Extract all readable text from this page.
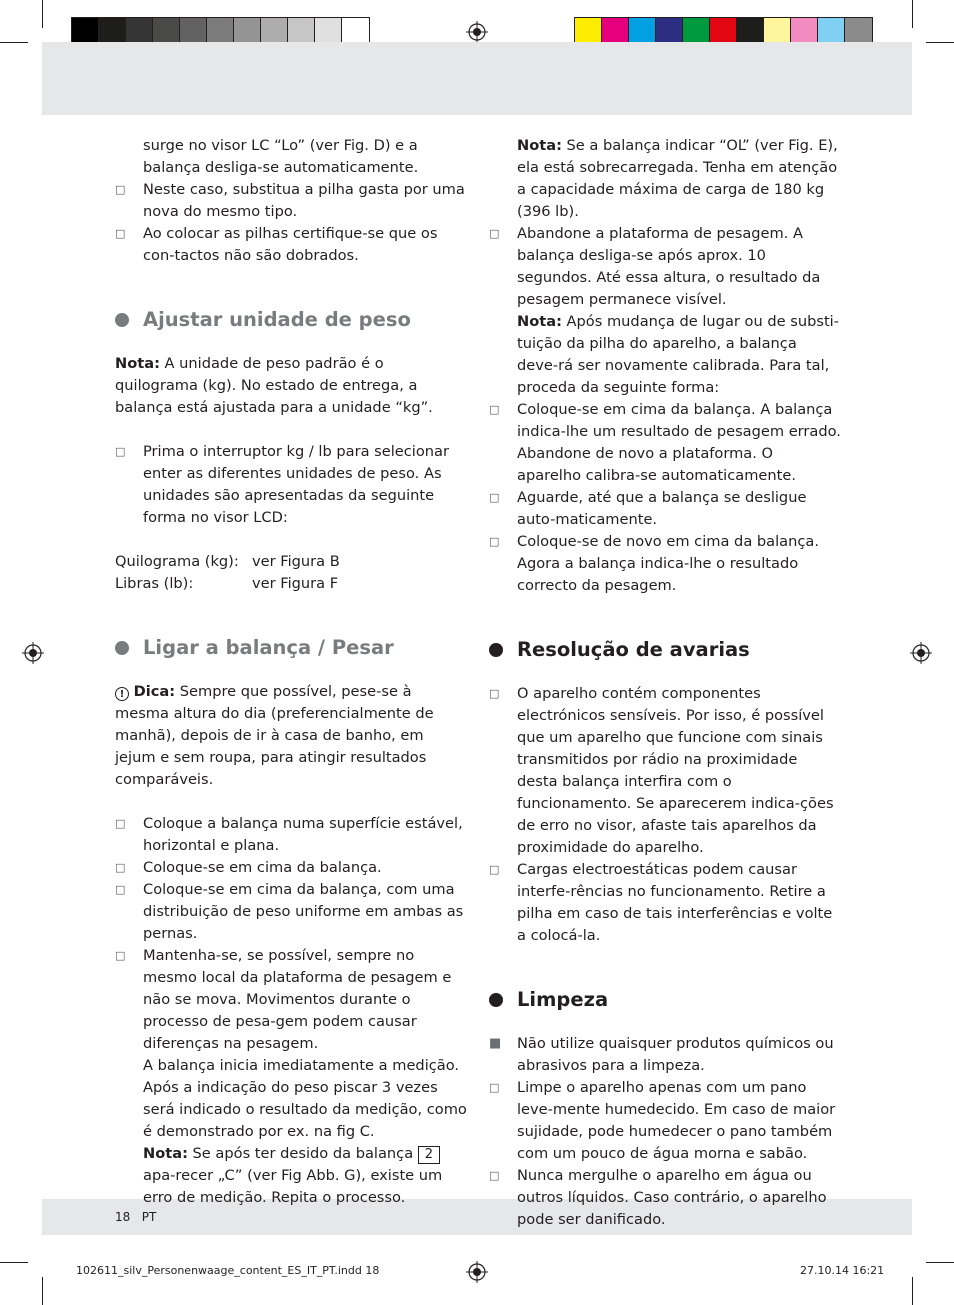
surge no visor LC “Lo” (ver Fig. D) e a balança desliga-se automaticamente.

□	Neste caso, substitua a pilha gasta por uma nova do mesmo tipo.
□	Ao colocar as pilhas certifique-se que os con-tactos não são dobrados.
Ajustar unidade de peso

Nota: A unidade de peso padrão é o quilograma (kg). No estado de entrega, a balança está ajustada para a unidade “kg”.

□	Prima o interruptor kg / lb para selecionar enter as diferentes unidades de peso. As unidades são apresentadas da seguinte forma no visor LCD:
Quilograma (kg): ver Figura B
Libras (lb):	ver Figura F
Ligar a balança / Pesar

! Dica: Sempre que possível, pese-se à mesma altura do dia (preferencialmente de manhã), depois de ir à casa de banho, em jejum e sem roupa, para atingir resultados comparáveis.

□	Coloque a balança numa superfície estável, horizontal e plana.
□	Coloque-se em cima da balança.
□	Coloque-se em cima da balança, com uma distribuição de peso uniforme em ambas as pernas.
□	Mantenha-se, se possível, sempre no mesmo local da plataforma de pesagem e não se mova. Movimentos durante o processo de pesa-gem podem causar diferenças na pesagem.

A balança inicia imediatamente a medição. Após a indicação do peso piscar 3 vezes será indicado o resultado da medição, como é demonstrado por ex. na fig C.

Nota: Se após ter desido da balança 2 apa-recer „C” (ver Fig Abb. G), existe um erro de medição. Repita o processo.

Nota: Se a balança indicar “OL” (ver Fig. E), ela está sobrecarregada. Tenha em atenção a capacidade máxima de carga de 180 kg (396 lb).

□	Abandone a plataforma de pesagem. A balança desliga-se após aprox. 10 segundos. Até essa altura, o resultado da pesagem permanece visível.

Nota: Após mudança de lugar ou de substi-tuição da pilha do aparelho, a balança deve-rá ser novamente calibrada. Para tal, proceda da seguinte forma:

□	Coloque-se em cima da balança. A balança indica-lhe um resultado de pesagem errado. Abandone de novo a plataforma. O aparelho calibra-se automaticamente.
□	Aguarde, até que a balança se desligue auto-maticamente.
□	Coloque-se de novo em cima da balança. Agora a balança indica-lhe o resultado correcto da pesagem.
Resolução de avarias
□	O aparelho contém componentes electrónicos sensíveis. Por isso, é possível que um aparelho que funcione com sinais transmitidos por rádio na proximidade desta balança interfira com o funcionamento. Se aparecerem indica-ções de erro no visor, afaste tais aparelhos da proximidade do aparelho.
□	Cargas electroestáticas podem causar interfe-rências no funcionamento. Retire a pilha em caso de tais interferências e volte a colocá-la.
Limpeza
■	Não utilize quaisquer produtos químicos ou abrasivos para a limpeza.
□	Limpe o aparelho apenas com um pano leve-mente humedecido. Em caso de maior sujidade, pode humedecer o pano também com um pouco de água morna e sabão.
□	Nunca mergulhe o aparelho em água ou outros líquidos. Caso contrário, o aparelho pode ser danificado.
18 PT
102611_silv_Personenwaage_content_ES_IT_PT.indd 18	27.10.14 16:21
